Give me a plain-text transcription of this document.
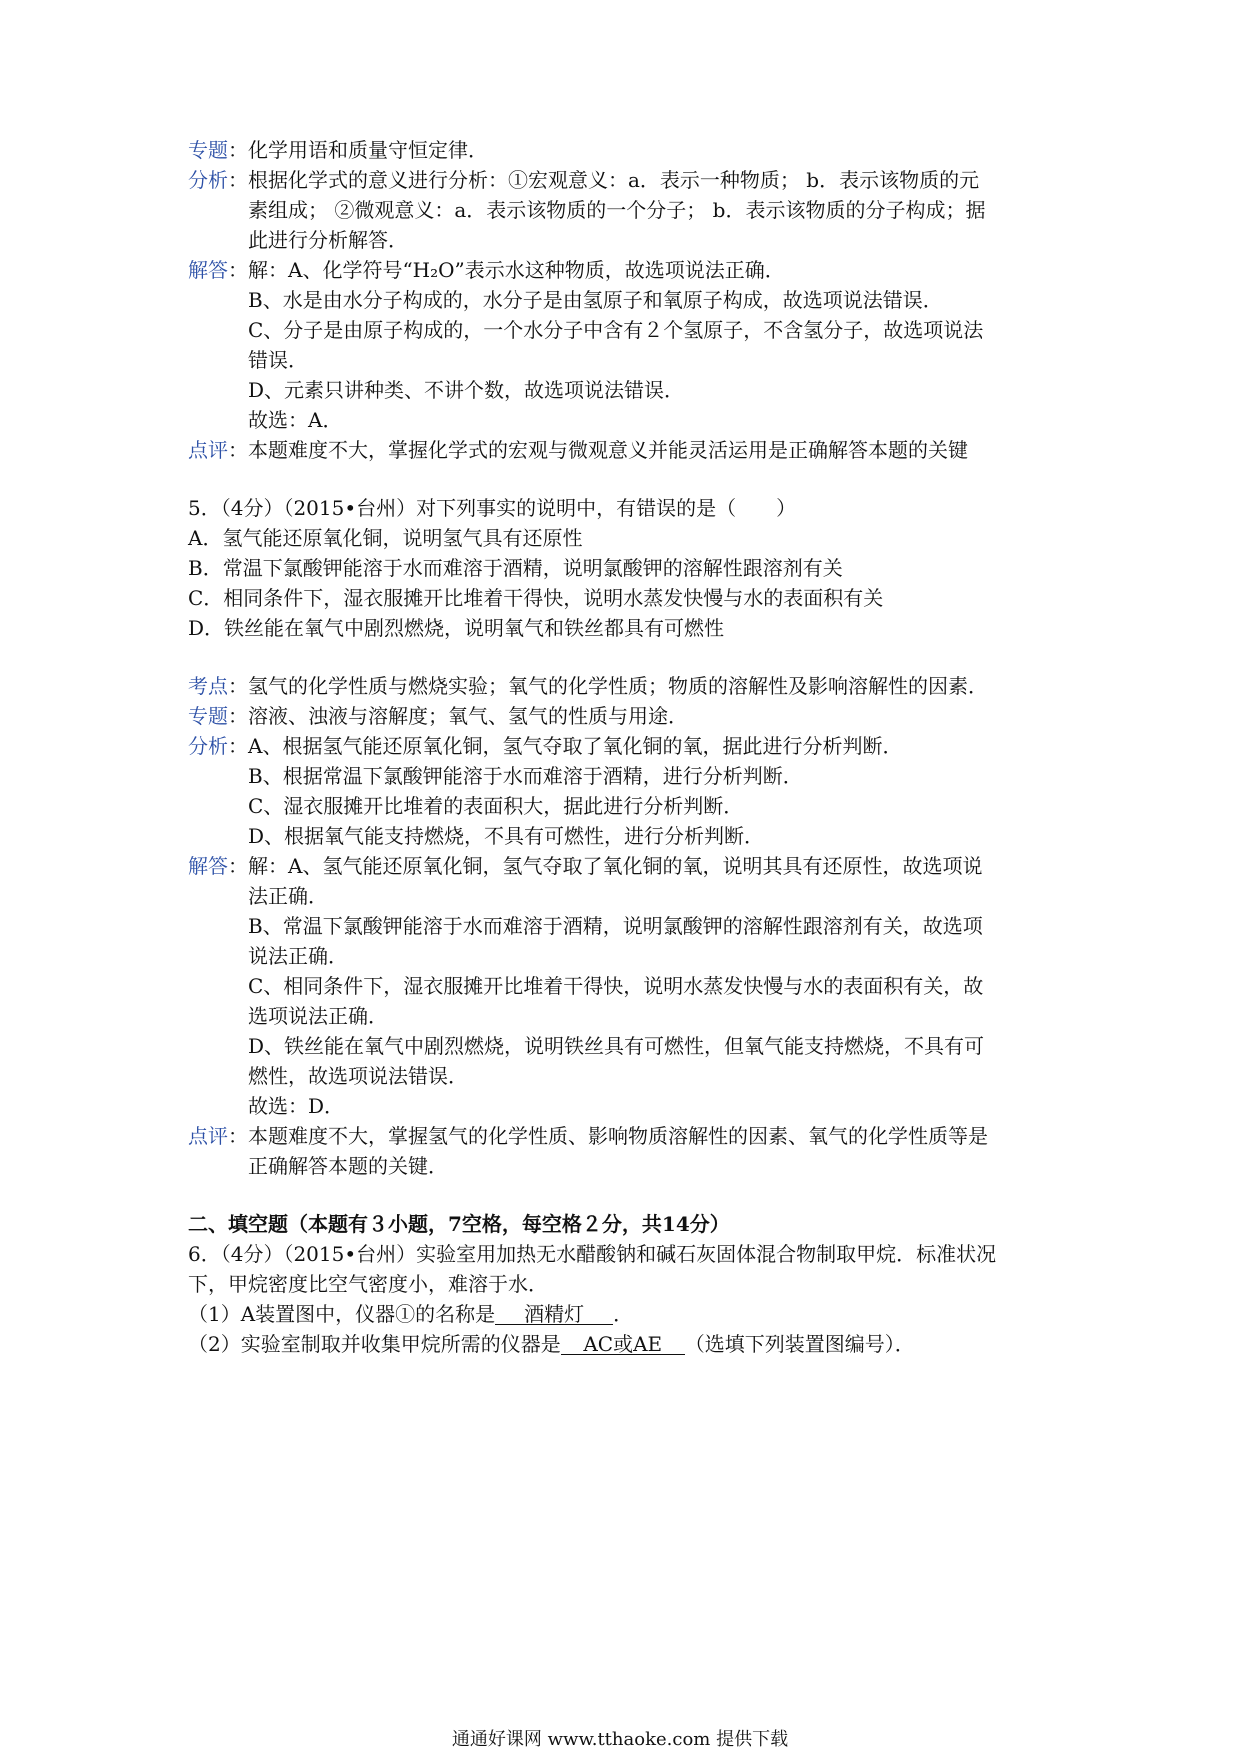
专题 ：化学用语和质量守恒定律．
分析 ：根据化学式的意义进行分析：①宏观意义：a．表示一种物质； b．表示该物质的元
素组成； ②微观意义：a．表示该物质的一个分子； b．表示该物质的分子构成；据
此进行分析解答．
解答 ：解：A、化学符号“H₂O”表示水这种物质，故选项说法正确．
B、水是由水分子构成的，水分子是由氢原子和氧原子构成，故选项说法错误．
C、分子是由原子构成的，一个水分子中含有２个氢原子，不含氢分子，故选项说法
错误．
D、元素只讲种类、不讲个数，故选项说法错误．
故选：A．
点评 ：本题难度不大，掌握化学式的宏观与微观意义并能灵活运用是正确解答本题的关键
5．（4分）（2015•台州）对下列事实的说明中，有错误的是（　　）
A．氢气能还原氧化铜，说明氢气具有还原性
B．常温下氯酸钾能溶于水而难溶于酒精，说明氯酸钾的溶解性跟溶剂有关
C．相同条件下，湿衣服摊开比堆着干得快，说明水蒸发快慢与水的表面积有关
D．铁丝能在氧气中剧烈燃烧，说明氧气和铁丝都具有可燃性
考点 ：氢气的化学性质与燃烧实验；氧气的化学性质；物质的溶解性及影响溶解性的因素．
专题 ：溶液、浊液与溶解度；氧气、氢气的性质与用途．
分析 ：A、根据氢气能还原氧化铜，氢气夺取了氧化铜的氧，据此进行分析判断．
B、根据常温下氯酸钾能溶于水而难溶于酒精，进行分析判断．
C、湿衣服摊开比堆着的表面积大，据此进行分析判断．
D、根据氧气能支持燃烧，不具有可燃性，进行分析判断．
解答 ：解：A、氢气能还原氧化铜，氢气夺取了氧化铜的氧，说明其具有还原性，故选项说
法正确．
B、常温下氯酸钾能溶于水而难溶于酒精，说明氯酸钾的溶解性跟溶剂有关，故选项
说法正确．
C、相同条件下，湿衣服摊开比堆着干得快，说明水蒸发快慢与水的表面积有关，故
选项说法正确．
D、铁丝能在氧气中剧烈燃烧，说明铁丝具有可燃性，但氧气能支持燃烧，不具有可
燃性，故选项说法错误．
故选：D．
点评 ：本题难度不大，掌握氢气的化学性质、影响物质溶解性的因素、氧气的化学性质等是
正确解答本题的关键．
二、填空题（本题有３小题，7空格，每空格２分，共14分）
6．（4分）（2015•台州）实验室用加热无水醋酸钠和碱石灰固体混合物制取甲烷．标准状况
下，甲烷密度比空气密度小，难溶于水．
（1）A装置图中，仪器①的名称是 酒精灯 ．
（2）实验室制取并收集甲烷所需的仪器是 AC或AE （选填下列装置图编号）．
通通好课网 www.tthaoke.com 提供下载
